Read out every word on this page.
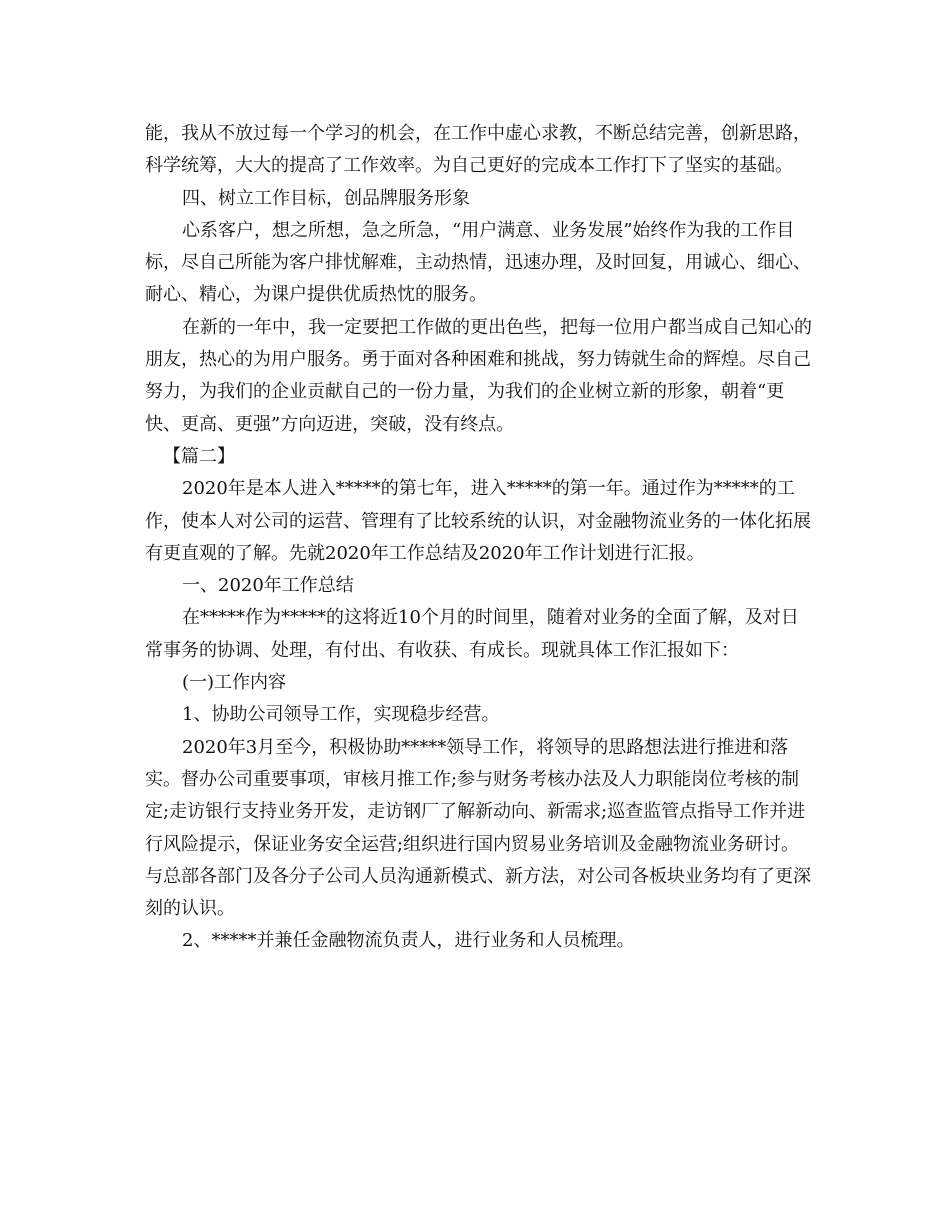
能，我从不放过每一个学习的机会，在工作中虚心求教，不断总结完善，创新思路，科学统筹，大大的提高了工作效率。为自己更好的完成本工作打下了坚实的基础。

四、树立工作目标，创品牌服务形象

心系客户，想之所想，急之所急，“用户满意、业务发展”始终作为我的工作目标，尽自己所能为客户排忧解难，主动热情，迅速办理，及时回复，用诚心、细心、耐心、精心，为课户提供优质热忱的服务。

在新的一年中，我一定要把工作做的更出色些，把每一位用户都当成自己知心的朋友，热心的为用户服务。勇于面对各种困难和挑战，努力铸就生命的辉煌。尽自己努力，为我们的企业贡献自己的一份力量，为我们的企业树立新的形象，朝着“更快、更高、更强”方向迈进，突破，没有终点。

【篇二】

2020年是本人进入*****的第七年，进入*****的第一年。通过作为*****的工作，使本人对公司的运营、管理有了比较系统的认识，对金融物流业务的一体化拓展有更直观的了解。先就2020年工作总结及2020年工作计划进行汇报。

一、2020年工作总结

在*****作为*****的这将近10个月的时间里，随着对业务的全面了解，及对日常事务的协调、处理，有付出、有收获、有成长。现就具体工作汇报如下：

(一)工作内容

1、协助公司领导工作，实现稳步经营。

2020年3月至今，积极协助*****领导工作，将领导的思路想法进行推进和落实。督办公司重要事项，审核月推工作;参与财务考核办法及人力职能岗位考核的制定;走访银行支持业务开发，走访钢厂了解新动向、新需求;巡查监管点指导工作并进行风险提示，保证业务安全运营;组织进行国内贸易业务培训及金融物流业务研讨。与总部各部门及各分子公司人员沟通新模式、新方法，对公司各板块业务均有了更深刻的认识。

2、*****并兼任金融物流负责人，进行业务和人员梳理。
